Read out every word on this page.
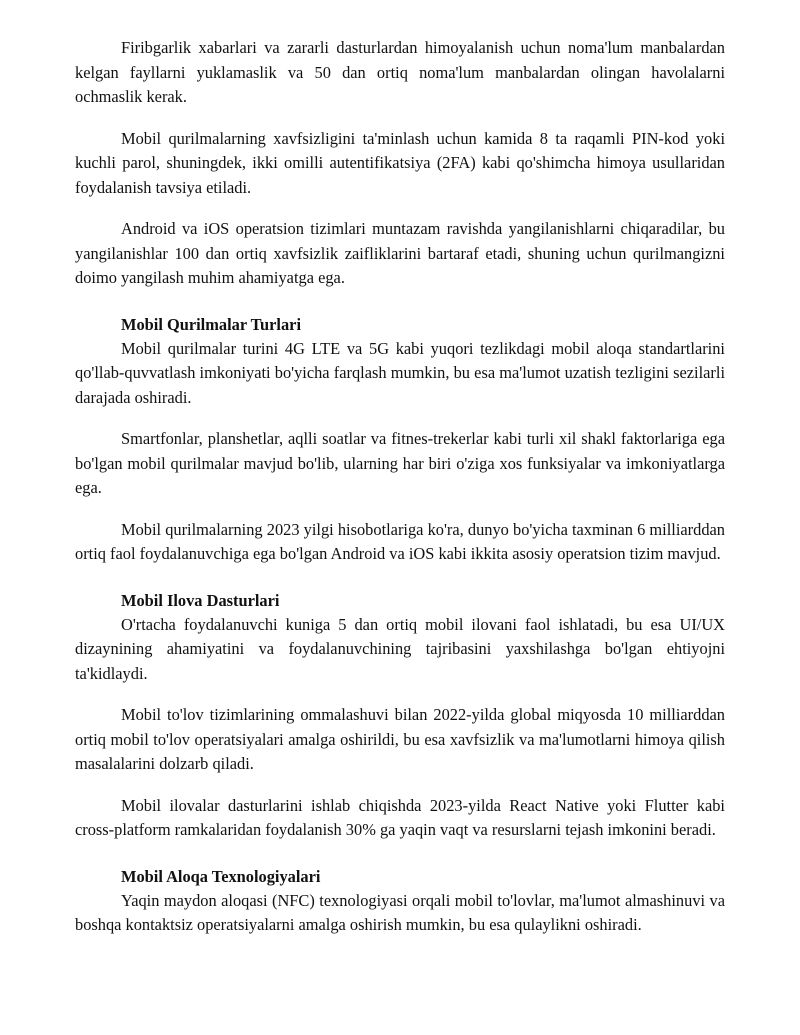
Firibgarlik xabarlari va zararli dasturlardan himoyalanish uchun noma'lum manbalardan kelgan fayllarni yuklamaslik va 50 dan ortiq noma'lum manbalardan olingan havolalarni ochmaslik kerak.

Mobil qurilmalarning xavfsizligini ta'minlash uchun kamida 8 ta raqamli PIN-kod yoki kuchli parol, shuningdek, ikki omilli autentifikatsiya (2FA) kabi qo'shimcha himoya usullaridan foydalanish tavsiya etiladi.

Android va iOS operatsion tizimlari muntazam ravishda yangilanishlarni chiqaradilar, bu yangilanishlar 100 dan ortiq xavfsizlik zaifliklarini bartaraf etadi, shuning uchun qurilmangizni doimo yangilash muhim ahamiyatga ega.

Mobil Qurilmalar Turlari

Mobil qurilmalar turini 4G LTE va 5G kabi yuqori tezlikdagi mobil aloqa standartlarini qo'llab-quvvatlash imkoniyati bo'yicha farqlash mumkin, bu esa ma'lumot uzatish tezligini sezilarli darajada oshiradi.

Smartfonlar, planshetlar, aqlli soatlar va fitnes-trekerlar kabi turli xil shakl faktorlariga ega bo'lgan mobil qurilmalar mavjud bo'lib, ularning har biri o'ziga xos funksiyalar va imkoniyatlarga ega.

Mobil qurilmalarning 2023 yilgi hisobotlariga ko'ra, dunyo bo'yicha taxminan 6 milliarddan ortiq faol foydalanuvchiga ega bo'lgan Android va iOS kabi ikkita asosiy operatsion tizim mavjud.

Mobil Ilova Dasturlari

O'rtacha foydalanuvchi kuniga 5 dan ortiq mobil ilovani faol ishlatadi, bu esa UI/UX dizaynining ahamiyatini va foydalanuvchining tajribasini yaxshilashga bo'lgan ehtiyojni ta'kidlaydi.

Mobil to'lov tizimlarining ommalashuvi bilan 2022-yilda global miqyosda 10 milliarddan ortiq mobil to'lov operatsiyalari amalga oshirildi, bu esa xavfsizlik va ma'lumotlarni himoya qilish masalalarini dolzarb qiladi.

Mobil ilovalar dasturlarini ishlab chiqishda 2023-yilda React Native yoki Flutter kabi cross-platform ramkalaridan foydalanish 30% ga yaqin vaqt va resurslarni tejash imkonini beradi.

Mobil Aloqa Texnologiyalari

Yaqin maydon aloqasi (NFC) texnologiyasi orqali mobil to'lovlar, ma'lumot almashinuvi va boshqa kontaktsiz operatsiyalarni amalga oshirish mumkin, bu esa qulaylikni oshiradi.
